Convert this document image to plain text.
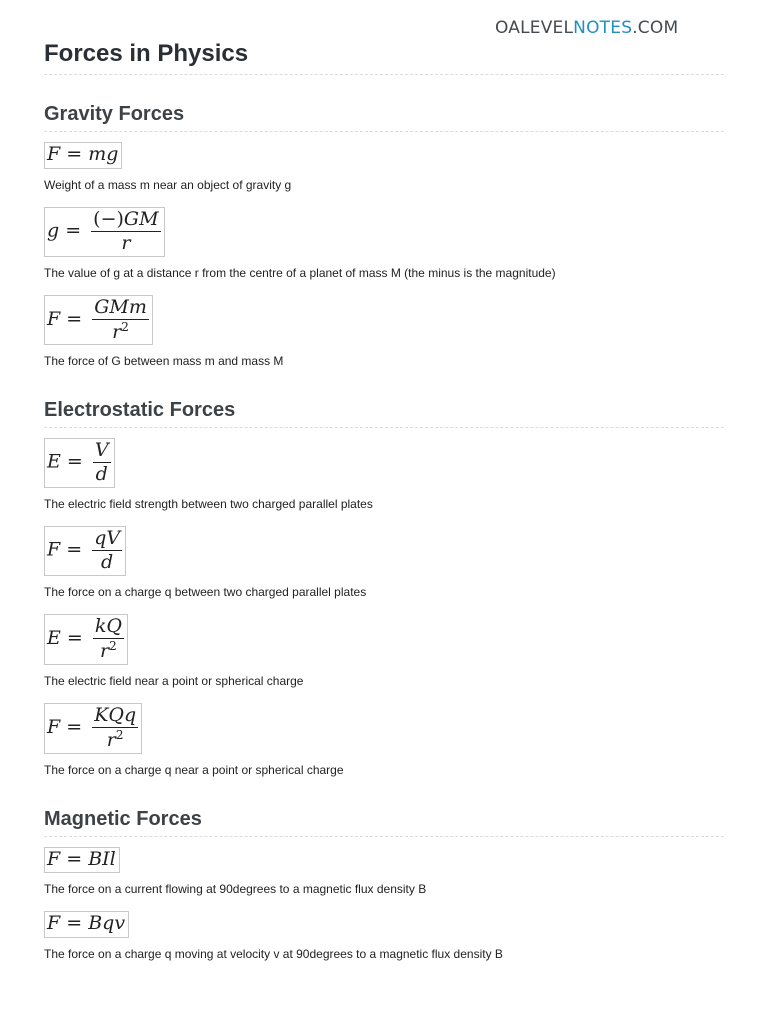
OALEVELNOTES.COM
Forces in Physics
Gravity Forces
F = mg

Weight of a mass m near an object of gravity g

$g = \frac{(-)GM}{r}$

The value of g at a distance r from the centre of a planet of mass M (the minus is the magnitude)

$F = \frac{\text{GMm}}{r^2}$

The force of G between mass m and mass M

Electrostatic Forces
$E = \frac{V}{d}$

The electric field strength between two charged parallel plates

$F = \frac{qV}{d}$

The force on a charge q between two charged parallel plates

$E = \frac{kQ}{r^2}$

The electric field near a point or spherical charge

$F = \frac{\text{KQq}}{r^2}$

The force on a charge q near a point or spherical charge

Magnetic Forces
F = BIl

The force on a current flowing at 90degrees to a magnetic flux density B

F = Bqv

The force on a charge q moving at velocity v at 90degrees to a magnetic flux density B
